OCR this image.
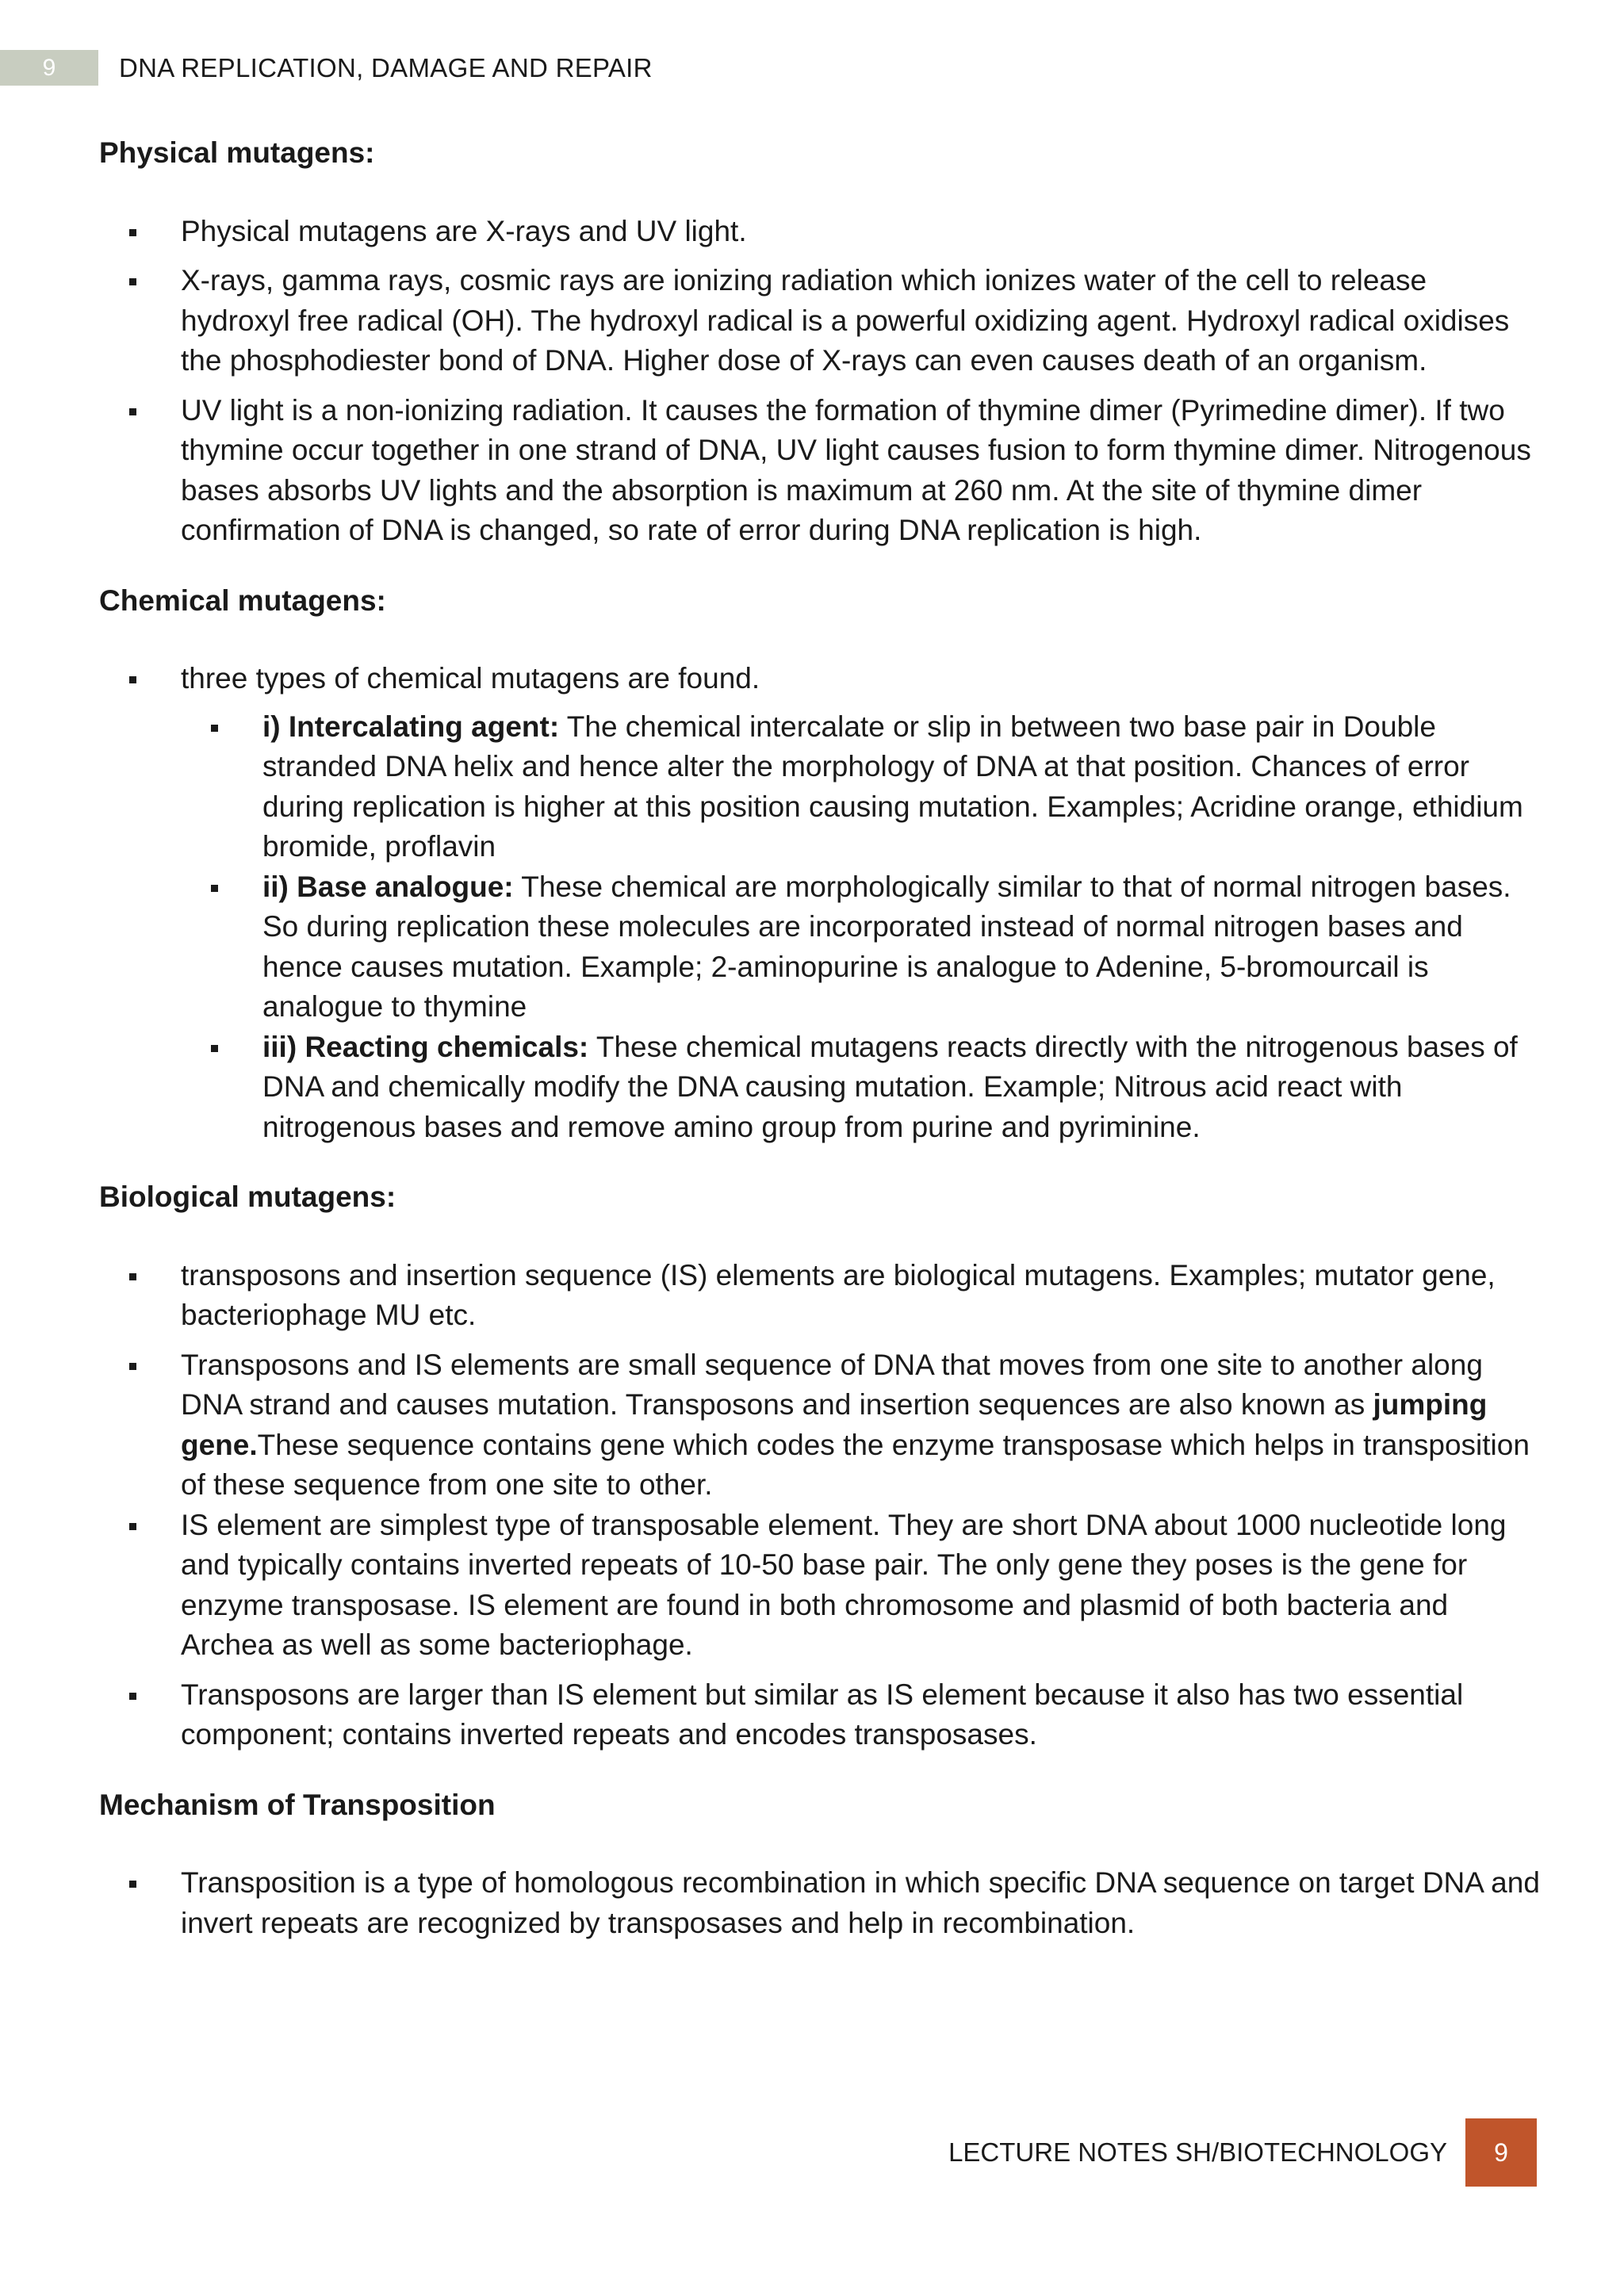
9	DNA REPLICATION, DAMAGE AND REPAIR

Physical mutagens:

Physical mutagens are X-rays and UV light.
X-rays, gamma rays, cosmic rays are ionizing radiation which ionizes water of the cell to release hydroxyl free radical (OH). The hydroxyl radical is a powerful oxidizing agent. Hydroxyl radical oxidises the phosphodiester bond of DNA. Higher dose of X-rays can even causes death of an organism.
UV light is a non-ionizing radiation. It causes the formation of thymine dimer (Pyrimedine dimer). If two thymine occur together in one strand of DNA, UV light causes fusion to form thymine dimer. Nitrogenous bases absorbs UV lights and the absorption is maximum at 260 nm. At the site of thymine dimer confirmation of DNA is changed, so rate of error during DNA replication is high.

Chemical mutagens:

three types of chemical mutagens are found.
i) Intercalating agent: The chemical intercalate or slip in between two base pair in Double stranded DNA helix and hence alter the morphology of DNA at that position. Chances of error during replication is higher at this position causing mutation. Examples; Acridine orange, ethidium bromide, proflavin
ii) Base analogue: These chemical are morphologically similar to that of normal nitrogen bases. So during replication these molecules are incorporated instead of normal nitrogen bases and hence causes mutation. Example; 2-aminopurine is analogue to Adenine, 5-bromourcail is analogue to thymine
iii) Reacting chemicals: These chemical mutagens reacts directly with the nitrogenous bases of DNA and chemically modify the DNA causing mutation. Example; Nitrous acid react with nitrogenous bases and remove amino group from purine and pyriminine.

Biological mutagens:

transposons and insertion sequence (IS) elements are biological mutagens. Examples; mutator gene, bacteriophage MU etc.
Transposons and IS elements are small sequence of DNA that moves from one site to another along DNA strand and causes mutation. Transposons and insertion sequences are also known as jumping gene.These sequence contains gene which codes the enzyme transposase which helps in transposition of these sequence from one site to other.
IS element are simplest type of transposable element. They are short DNA about 1000 nucleotide long and typically contains inverted repeats of 10-50 base pair. The only gene they poses is the gene for enzyme transposase. IS element are found in both chromosome and plasmid of both bacteria and Archea as well as some bacteriophage.
Transposons are larger than IS element but similar as IS element because it also has two essential component; contains inverted repeats and encodes transposases.

Mechanism of Transposition

Transposition is a type of homologous recombination in which specific DNA sequence on target DNA and invert repeats are recognized by transposases and help in recombination.
LECTURE NOTES SH/BIOTECHNOLOGY	9
